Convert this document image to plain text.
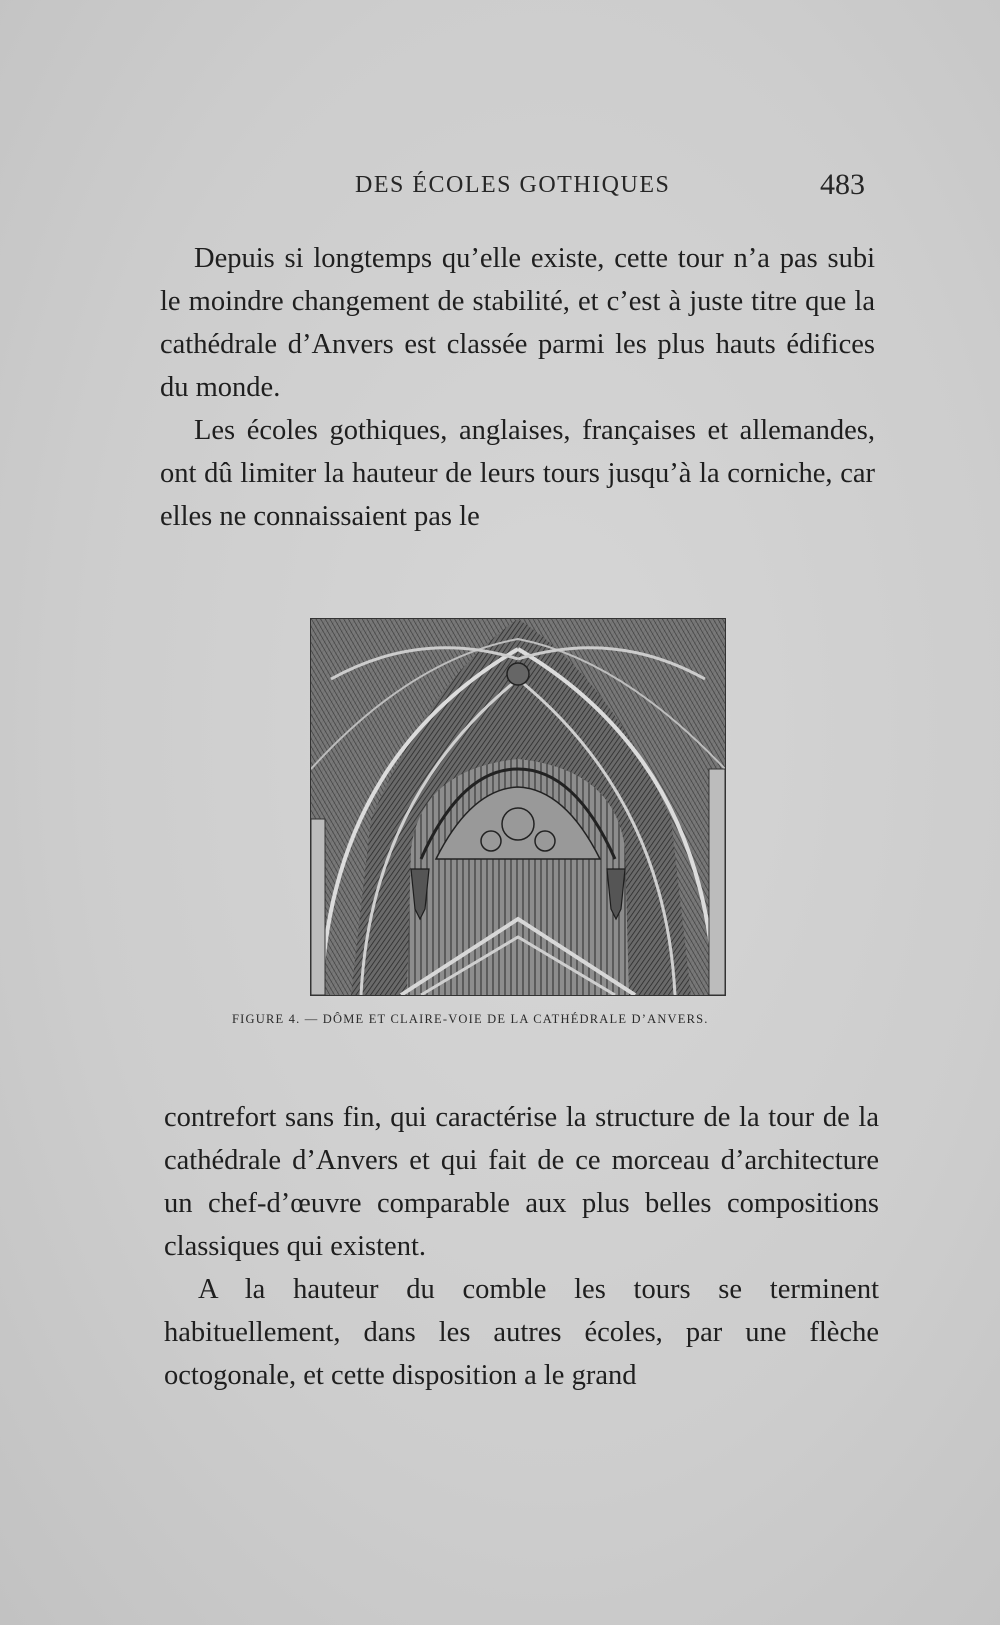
DES ÉCOLES GOTHIQUES	483

Depuis si longtemps qu’elle existe, cette tour n’a pas subi le moindre changement de stabilité, et c’est à juste titre que la cathédrale d’Anvers est classée parmi les plus hauts édifices du monde.

Les écoles gothiques, anglaises, françaises et allemandes, ont dû limiter la hauteur de leurs tours jusqu’à la corniche, car elles ne connaissaient pas le

FIGURE 4. — DÔME ET CLAIRE-VOIE DE LA CATHÉDRALE D’ANVERS.

contrefort sans fin, qui caractérise la structure de la tour de la cathédrale d’Anvers et qui fait de ce morceau d’architecture un chef-d’œuvre comparable aux plus belles compositions classiques qui existent.

A la hauteur du comble les tours se terminent habituellement, dans les autres écoles, par une flèche octogonale, et cette disposition a le grand
